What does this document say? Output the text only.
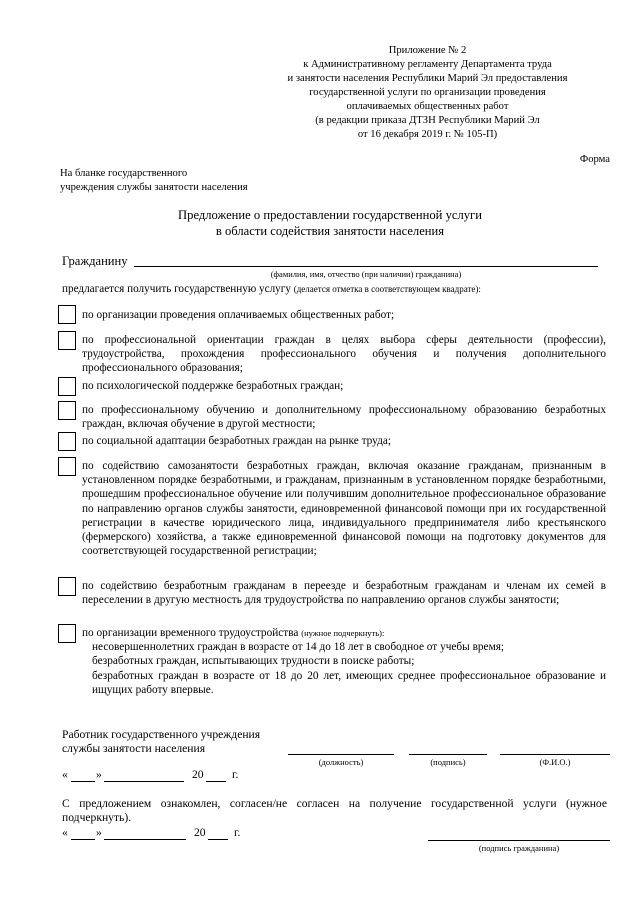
Приложение № 2
к Административному регламенту Департамента труда
и занятости населения Республики Марий Эл предоставления
государственной услуги по организации проведения
оплачиваемых общественных работ
(в редакции приказа ДТЗН Республики Марий Эл
от 16 декабря 2019 г. № 105-П)
Форма
На бланке государственного
учреждения службы занятости населения
Предложение о предоставлении государственной услуги
в области содействия занятости населения
Гражданину
(фамилия, имя, отчество (при наличии) гражданина)
предлагается получить государственную услугу (делается отметка в соответствующем квадрате):
по организации проведения оплачиваемых общественных работ;
по профессиональной ориентации граждан в целях выбора сферы деятельности (профессии), трудоустройства, прохождения профессионального обучения и получения дополнительного профессионального образования;
по психологической поддержке безработных граждан;
по профессиональному обучению и дополнительному профессиональному образованию безработных граждан, включая обучение в другой местности;
по социальной адаптации безработных граждан на рынке труда;
по содействию самозанятости безработных граждан, включая оказание гражданам, признанным в установленном порядке безработными, и гражданам, признанным в установленном порядке безработными, прошедшим профессиональное обучение или получившим дополнительное профессиональное образование по направлению органов службы занятости, единовременной финансовой помощи при их государственной регистрации в качестве юридического лица, индивидуального предпринимателя либо крестьянского (фермерского) хозяйства, а также единовременной финансовой помощи на подготовку документов для соответствующей государственной регистрации;
по содействию безработным гражданам в переезде и безработным гражданам и членам их семей в переселении в другую местность для трудоустройства по направлению органов службы занятости;
по организации временного трудоустройства (нужное подчеркнуть):
несовершеннолетних граждан в возрасте от 14 до 18 лет в свободное от учебы время;
безработных граждан, испытывающих трудности в поиске работы;
безработных граждан в возрасте от 18 до 20 лет, имеющих среднее профессиональное образование и ищущих работу впервые.
Работник государственного учреждения
службы занятости населения
(должность)	(подпись)	(Ф.И.О.)
« »	20 г.
С предложением ознакомлен, согласен/не согласен на получение государственной услуги (нужное подчеркнуть).
« »	20 г.
(подпись гражданина)
